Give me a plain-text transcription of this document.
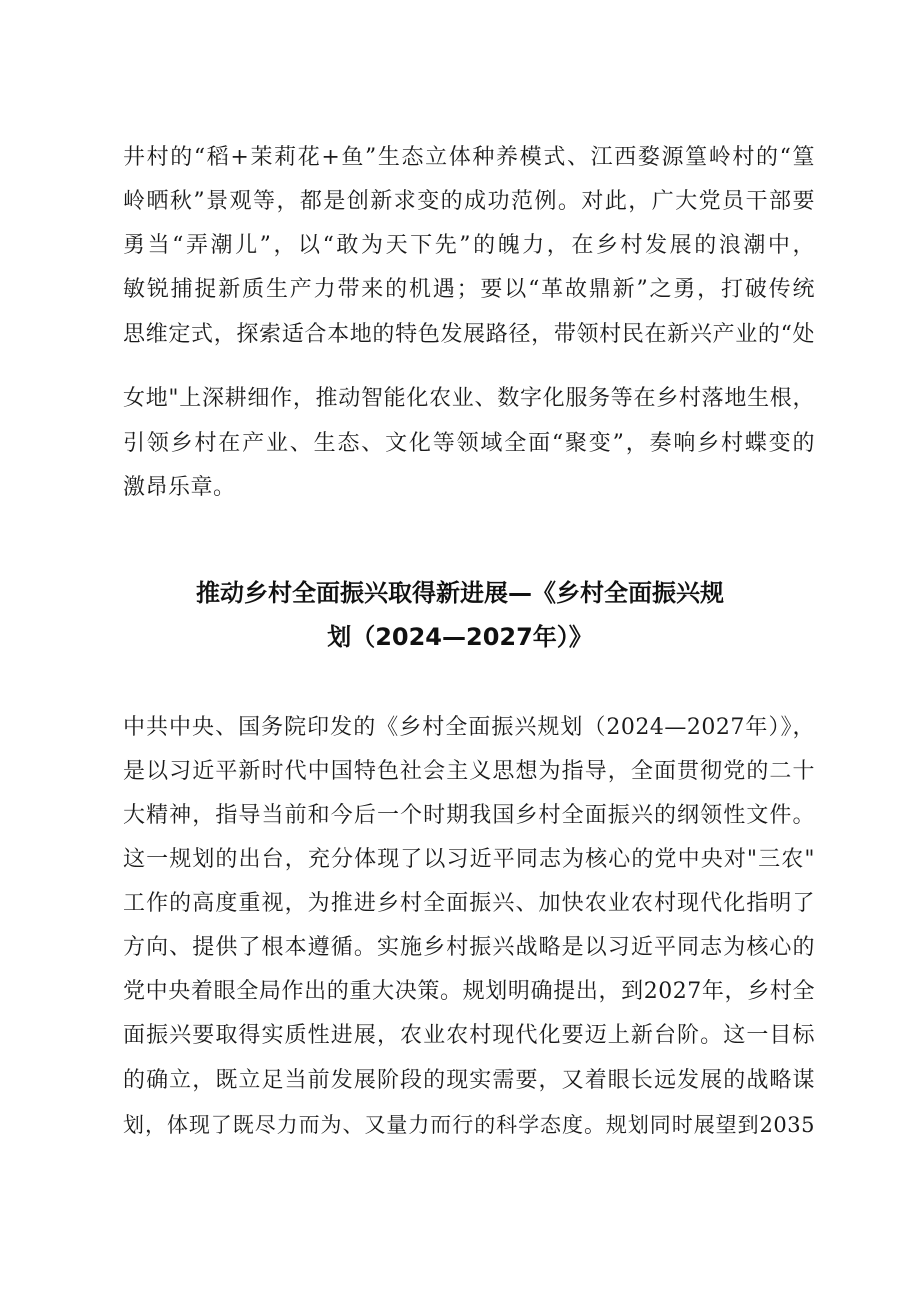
井村的“稻+茉莉花+鱼”生态立体种养模式、江西婺源篁岭村的“篁
岭晒秋”景观等，都是创新求变的成功范例。对此，广大党员干部要
勇当“弄潮儿”，以“敢为天下先”的魄力，在乡村发展的浪潮中，
敏锐捕捉新质生产力带来的机遇；要以“革故鼎新”之勇，打破传统
思维定式，探索适合本地的特色发展路径，带领村民在新兴产业的“处
女地"上深耕细作，推动智能化农业、数字化服务等在乡村落地生根，
引领乡村在产业、生态、文化等领域全面“聚变”，奏响乡村蝶变的
激昂乐章。
推动乡村全面振兴取得新进展—《乡村全面振兴规
划（2024—2027年）》
中共中央、国务院印发的《乡村全面振兴规划（2024—2027年）》，
是以习近平新时代中国特色社会主义思想为指导，全面贯彻党的二十
大精神，指导当前和今后一个时期我国乡村全面振兴的纲领性文件。
这一规划的出台，充分体现了以习近平同志为核心的党中央对"三农"
工作的高度重视，为推进乡村全面振兴、加快农业农村现代化指明了
方向、提供了根本遵循。实施乡村振兴战略是以习近平同志为核心的
党中央着眼全局作出的重大决策。规划明确提出，到2027年，乡村全
面振兴要取得实质性进展，农业农村现代化要迈上新台阶。这一目标
的确立，既立足当前发展阶段的现实需要，又着眼长远发展的战略谋
划，体现了既尽力而为、又量力而行的科学态度。规划同时展望到2035
